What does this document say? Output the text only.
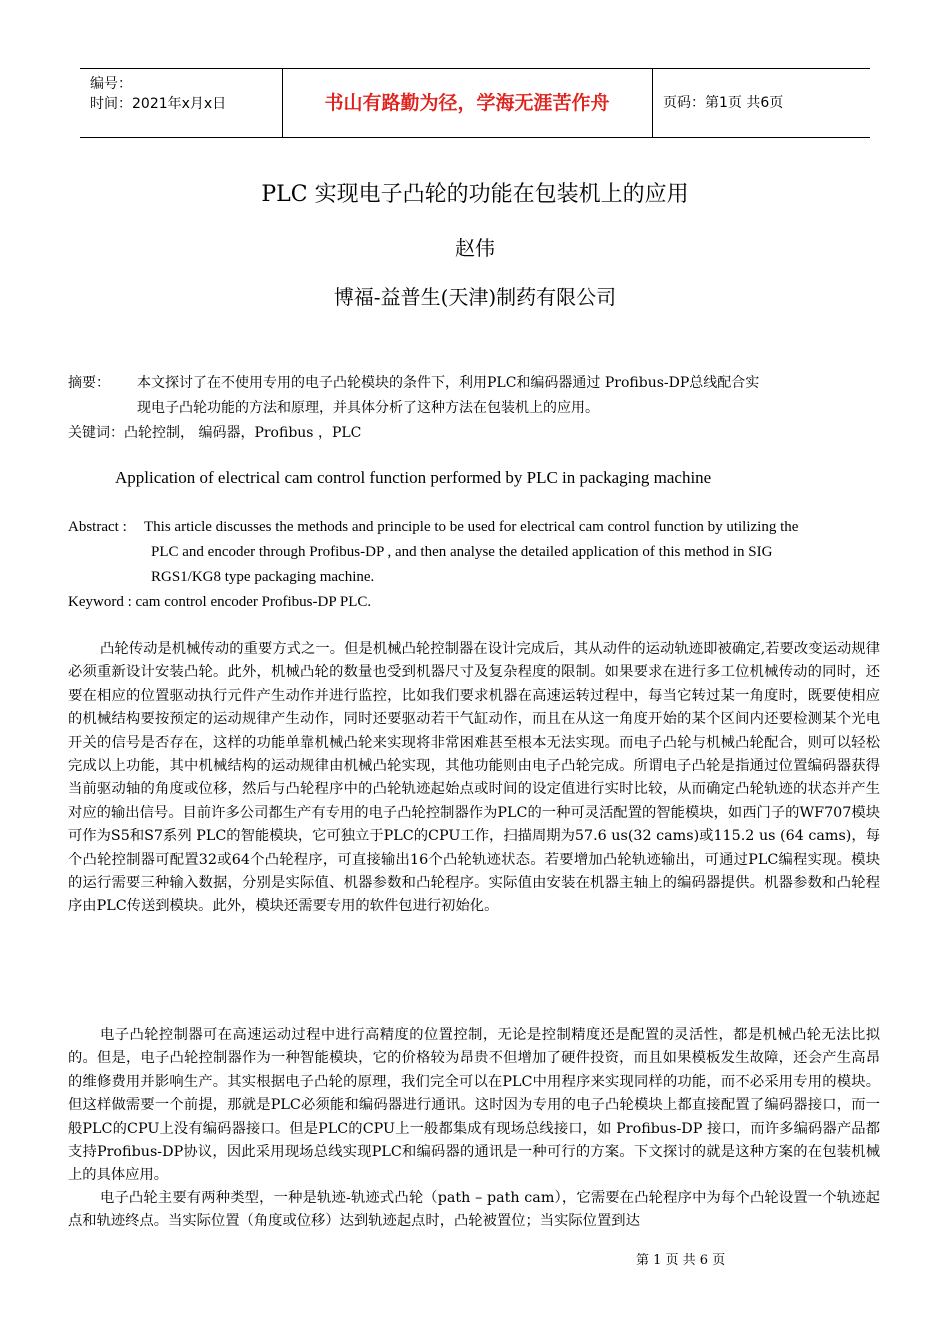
编号：
时间：2021年x月x日	书山有路勤为径，学海无涯苦作舟	页码：第1页 共6页
PLC 实现电子凸轮的功能在包装机上的应用
赵伟
博福-益普生(天津)制药有限公司
摘要： 本文探讨了在不使用专用的电子凸轮模块的条件下，利用PLC和编码器通过 Profibus-DP总线配合实
现电子凸轮功能的方法和原理，并具体分析了这种方法在包装机上的应用。
关键词：凸轮控制， 编码器，Profibus ，PLC
Application of electrical cam control function performed by PLC in packaging machine
Abstract : This article discusses the methods and principle to be used for electrical cam control function by utilizing the
PLC and encoder through Profibus-DP , and then analyse the detailed application of this method in SIG
RGS1/KG8 type packaging machine.
Keyword : cam control encoder Profibus-DP PLC.

凸轮传动是机械传动的重要方式之一。但是机械凸轮控制器在设计完成后，其从动件的运动轨迹即被确定,若要改变运动规律必须重新设计安装凸轮。此外，机械凸轮的数量也受到机器尺寸及复杂程度的限制。如果要求在进行多工位机械传动的同时，还要在相应的位置驱动执行元件产生动作并进行监控，比如我们要求机器在高速运转过程中，每当它转过某一角度时，既要使相应的机械结构要按预定的运动规律产生动作，同时还要驱动若干气缸动作，而且在从这一角度开始的某个区间内还要检测某个光电开关的信号是否存在，这样的功能单靠机械凸轮来实现将非常困难甚至根本无法实现。而电子凸轮与机械凸轮配合，则可以轻松完成以上功能，其中机械结构的运动规律由机械凸轮实现，其他功能则由电子凸轮完成。所谓电子凸轮是指通过位置编码器获得当前驱动轴的角度或位移，然后与凸轮程序中的凸轮轨迹起始点或时间的设定值进行实时比较，从而确定凸轮轨迹的状态并产生对应的输出信号。目前许多公司都生产有专用的电子凸轮控制器作为PLC的一种可灵活配置的智能模块，如西门子的WF707模块可作为S5和S7系列 PLC的智能模块，它可独立于PLC的CPU工作，扫描周期为57.6 us(32 cams)或115.2 us (64 cams)，每个凸轮控制器可配置32或64个凸轮程序，可直接输出16个凸轮轨迹状态。若要增加凸轮轨迹输出，可通过PLC编程实现。模块的运行需要三种输入数据，分别是实际值、机器参数和凸轮程序。实际值由安装在机器主轴上的编码器提供。机器参数和凸轮程序由PLC传送到模块。此外，模块还需要专用的软件包进行初始化。

电子凸轮控制器可在高速运动过程中进行高精度的位置控制，无论是控制精度还是配置的灵活性，都是机械凸轮无法比拟的。但是，电子凸轮控制器作为一种智能模块，它的价格较为昂贵不但增加了硬件投资，而且如果模板发生故障，还会产生高昂的维修费用并影响生产。其实根据电子凸轮的原理，我们完全可以在PLC中用程序来实现同样的功能，而不必采用专用的模块。但这样做需要一个前提，那就是PLC必须能和编码器进行通讯。这时因为专用的电子凸轮模块上都直接配置了编码器接口，而一般PLC的CPU上没有编码器接口。但是PLC的CPU上一般都集成有现场总线接口，如 Profibus-DP 接口，而许多编码器产品都支持Profibus-DP协议，因此采用现场总线实现PLC和编码器的通讯是一种可行的方案。下文探讨的就是这种方案的在包装机械上的具体应用。

电子凸轮主要有两种类型，一种是轨迹-轨迹式凸轮（path – path cam），它需要在凸轮程序中为每个凸轮设置一个轨迹起点和轨迹终点。当实际位置（角度或位移）达到轨迹起点时，凸轮被置位；当实际位置到达

第 1 页 共 6 页
